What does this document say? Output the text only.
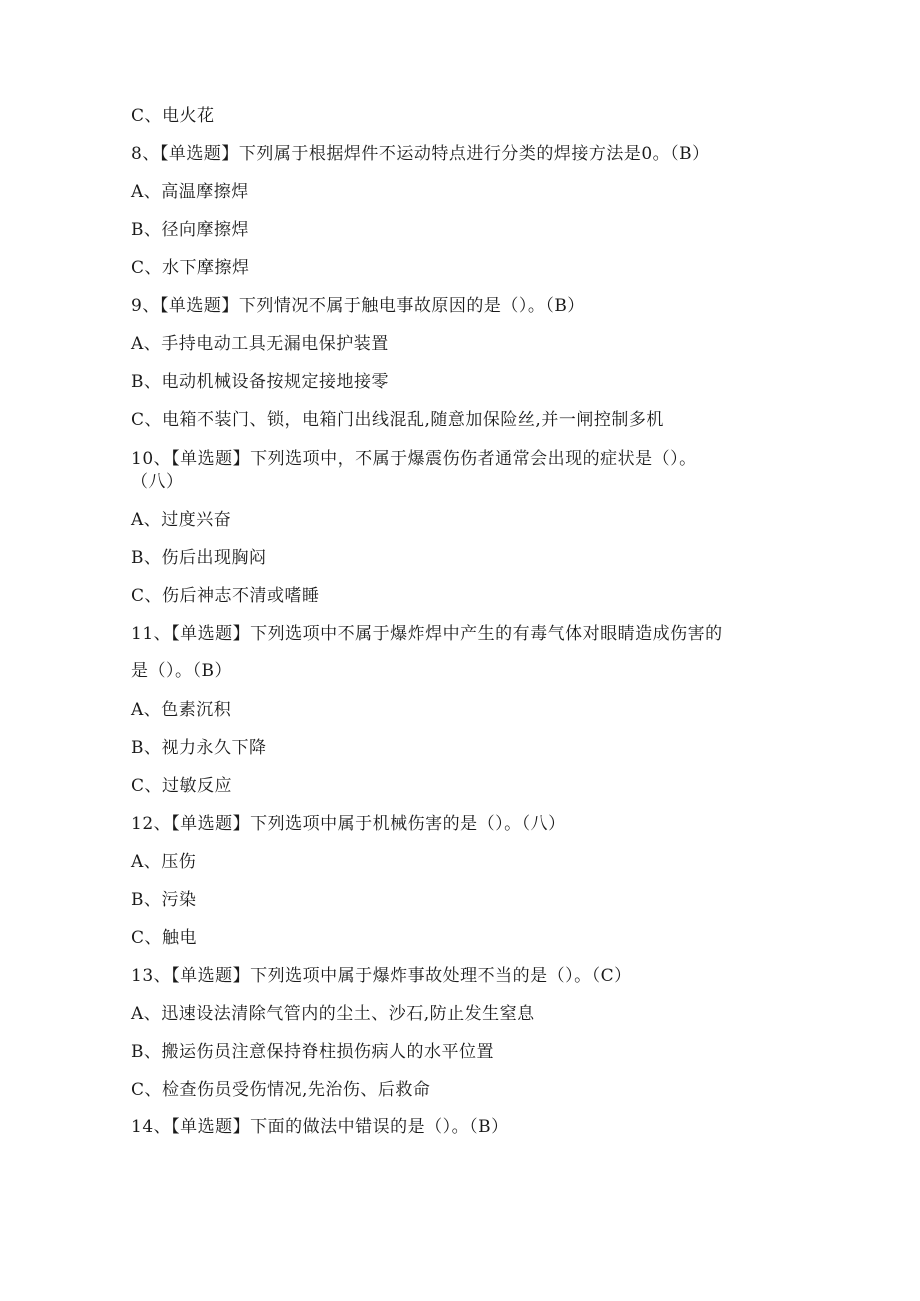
C、电火花
8、【单选题】下列属于根据焊件不运动特点进行分类的焊接方法是0。（B）
A、高温摩擦焊
B、径向摩擦焊
C、水下摩擦焊
9、【单选题】下列情况不属于触电事故原因的是（）。（B）
A、手持电动工具无漏电保护装置
B、电动机械设备按规定接地接零
C、电箱不装门、锁，电箱门出线混乱,随意加保险丝,并一闸控制多机
10、【单选题】下列选项中，不属于爆震伤伤者通常会出现的症状是（）。
（八）
A、过度兴奋
B、伤后出现胸闷
C、伤后神志不清或嗜睡
11、【单选题】下列选项中不属于爆炸焊中产生的有毒气体对眼睛造成伤害的
是（）。（B）
A、色素沉积
B、视力永久下降
C、过敏反应
12、【单选题】下列选项中属于机械伤害的是（）。（八）
A、压伤
B、污染
C、触电
13、【单选题】下列选项中属于爆炸事故处理不当的是（）。（C）
A、迅速设法清除气管内的尘土、沙石,防止发生窒息
B、搬运伤员注意保持脊柱损伤病人的水平位置
C、检查伤员受伤情况,先治伤、后救命
14、【单选题】下面的做法中错误的是（）。（B）
